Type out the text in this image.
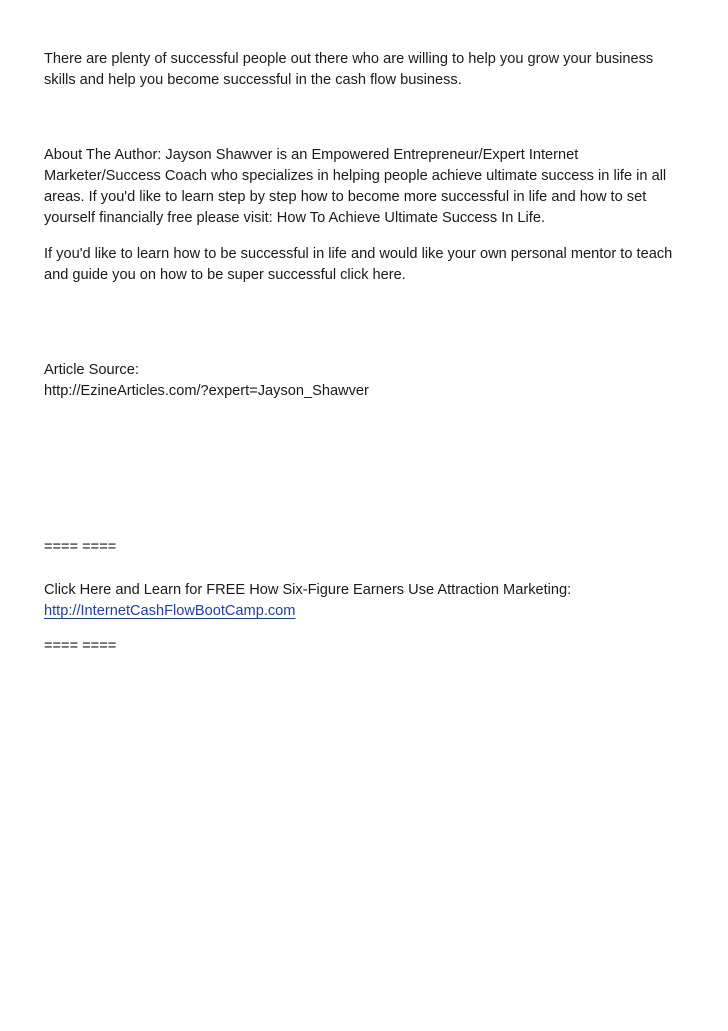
There are plenty of successful people out there who are willing to help you grow your business
skills and help you become successful in the cash flow business.

About The Author: Jayson Shawver is an Empowered Entrepreneur/Expert Internet
Marketer/Success Coach who specializes in helping people achieve ultimate success in life in all
areas. If you'd like to learn step by step how to become more successful in life and how to set
yourself financially free please visit: How To Achieve Ultimate Success In Life.

If you'd like to learn how to be successful in life and would like your own personal mentor to teach
and guide you on how to be super successful click here.

Article Source:
http://EzineArticles.com/?expert=Jayson_Shawver

==== ====

Click Here and Learn for FREE How Six-Figure Earners Use Attraction Marketing:
http://InternetCashFlowBootCamp.com

==== ====
